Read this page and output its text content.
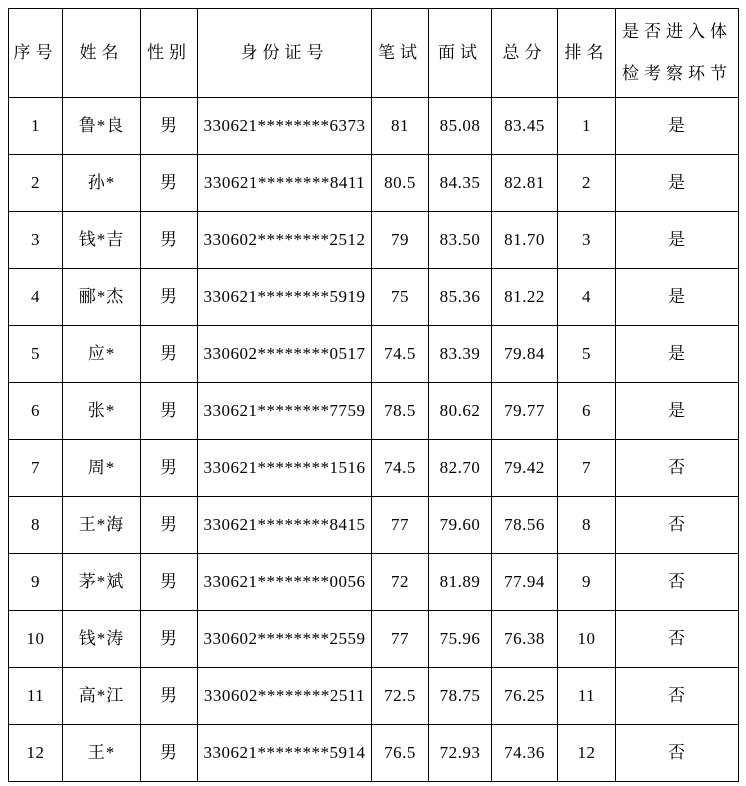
序号	姓名	性别	身份证号	笔试	面试	总分	排名	是否进入体检考察环节
1	鲁*良	男	330621********6373	81	85.08	83.45	1	是
2	孙*	男	330621********8411	80.5	84.35	82.81	2	是
3	钱*吉	男	330602********2512	79	83.50	81.70	3	是
4	郦*杰	男	330621********5919	75	85.36	81.22	4	是
5	应*	男	330602********0517	74.5	83.39	79.84	5	是
6	张*	男	330621********7759	78.5	80.62	79.77	6	是
7	周*	男	330621********1516	74.5	82.70	79.42	7	否
8	王*海	男	330621********8415	77	79.60	78.56	8	否
9	茅*斌	男	330621********0056	72	81.89	77.94	9	否
10	钱*涛	男	330602********2559	77	75.96	76.38	10	否
11	高*江	男	330602********2511	72.5	78.75	76.25	11	否
12	王*	男	330621********5914	76.5	72.93	74.36	12	否
